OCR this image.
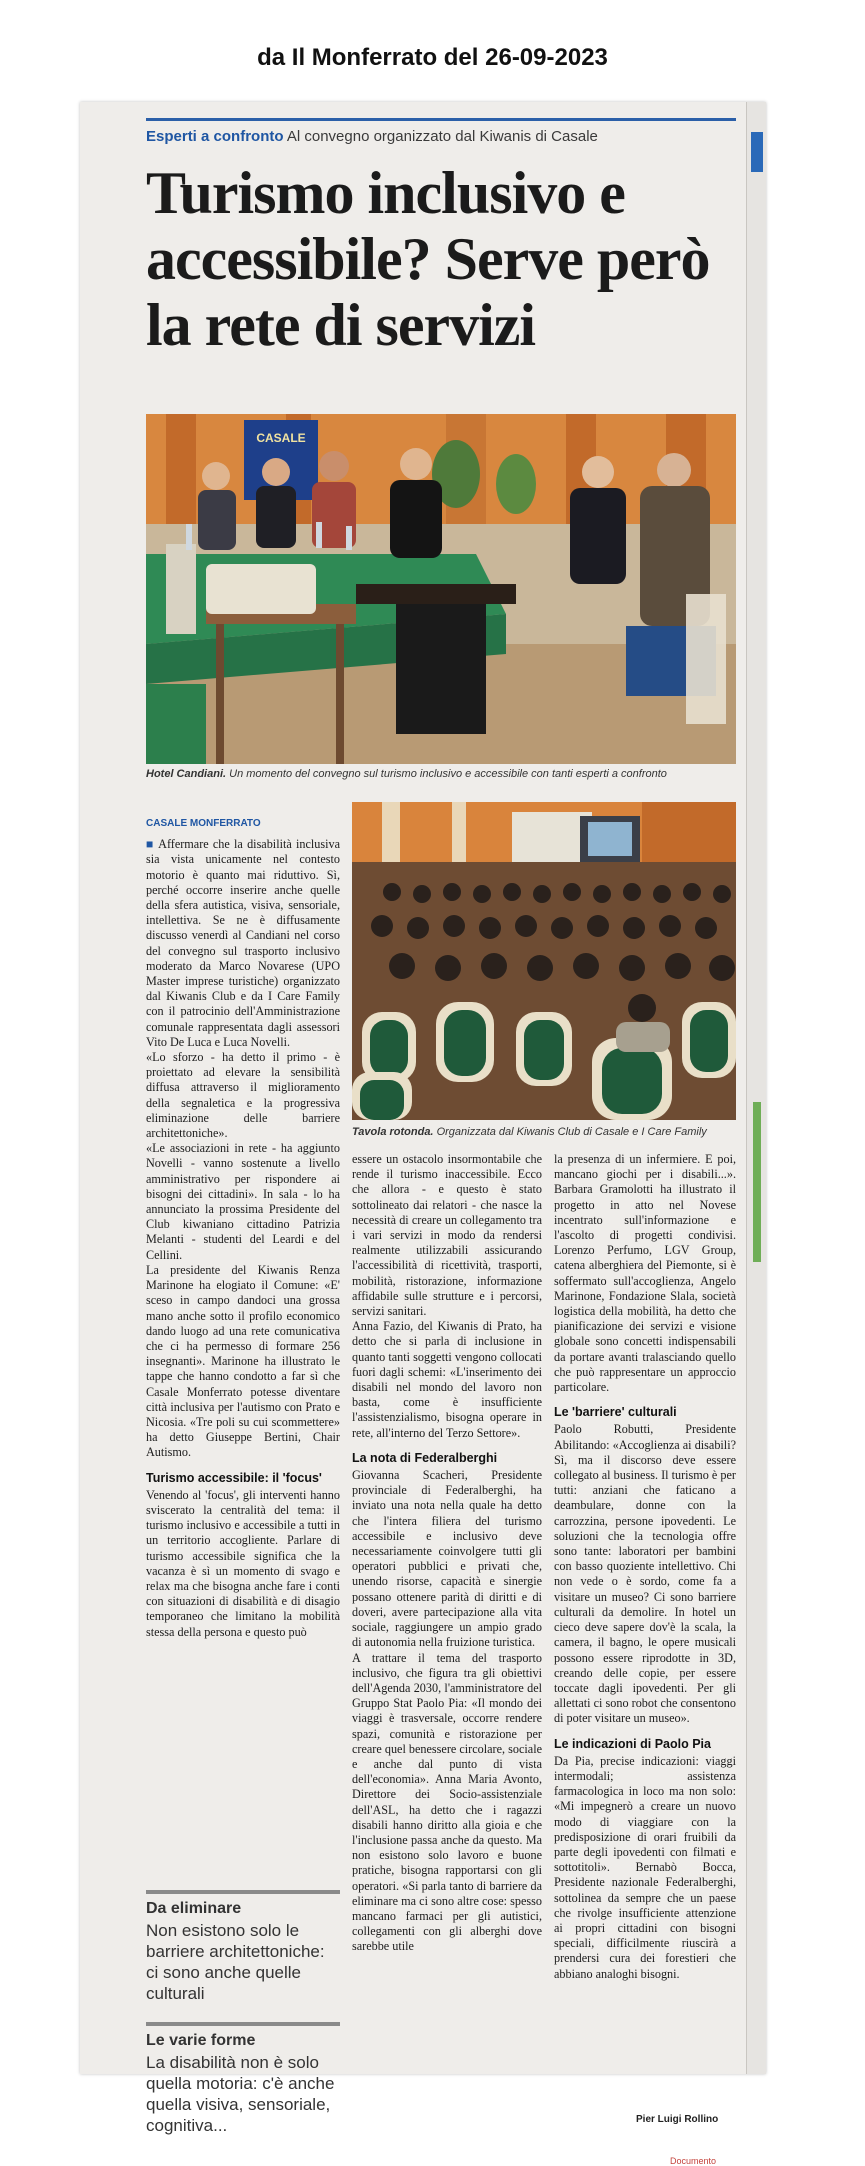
da Il Monferrato del 26-09-2023
Esperti a confronto Al convegno organizzato dal Kiwanis di Casale
Turismo inclusivo e accessibile? Serve però la rete di servizi
CASALE
Hotel Candiani. Un momento del convegno sul turismo inclusivo e accessibile con tanti esperti a confronto
Tavola rotonda. Organizzata dal Kiwanis Club di Casale e I Care Family
CASALE MONFERRATO

■ Affermare che la disabilità inclusiva sia vista unicamente nel contesto motorio è quanto mai riduttivo. Sì, perché occorre inserire anche quelle della sfera autistica, visiva, sensoriale, intellettiva. Se ne è diffusamente discusso venerdì al Candiani nel corso del convegno sul trasporto inclusivo moderato da Marco Novarese (UPO Master imprese turistiche) organizzato dal Kiwanis Club e da I Care Family con il patrocinio dell'Amministrazione comunale rappresentata dagli assessori Vito De Luca e Luca Novelli.

«Lo sforzo - ha detto il primo - è proiettato ad elevare la sensibilità diffusa attraverso il miglioramento della segnaletica e la progressiva eliminazione delle barriere architettoniche».

«Le associazioni in rete - ha aggiunto Novelli - vanno sostenute a livello amministrativo per rispondere ai bisogni dei cittadini». In sala - lo ha annunciato la prossima Presidente del Club kiwaniano cittadino Patrizia Melanti - studenti del Leardi e del Cellini.

La presidente del Kiwanis Renza Marinone ha elogiato il Comune: «E' sceso in campo dandoci una grossa mano anche sotto il profilo economico dando luogo ad una rete comunicativa che ci ha permesso di formare 256 insegnanti». Marinone ha illustrato le tappe che hanno condotto a far sì che Casale Monferrato potesse diventare città inclusiva per l'autismo con Prato e Nicosia. «Tre poli su cui scommettere» ha detto Giuseppe Bertini, Chair Autismo.

Turismo accessibile: il 'focus'

Venendo al 'focus', gli interventi hanno sviscerato la centralità del tema: il turismo inclusivo e accessibile a tutti in un territorio accogliente. Parlare di turismo accessibile significa che la vacanza è sì un momento di svago e relax ma che bisogna anche fare i conti con situazioni di disabilità e di disagio temporaneo che limitano la mobilità stessa della persona e questo può

essere un ostacolo insormontabile che rende il turismo inaccessibile. Ecco che allora - e questo è stato sottolineato dai relatori - che nasce la necessità di creare un collegamento tra i vari servizi in modo da rendersi realmente utilizzabili assicurando l'accessibilità di ricettività, trasporti, mobilità, ristorazione, informazione affidabile sulle strutture e i percorsi, servizi sanitari.

Anna Fazio, del Kiwanis di Prato, ha detto che si parla di inclusione in quanto tanti soggetti vengono collocati fuori dagli schemi: «L'inserimento dei disabili nel mondo del lavoro non basta, come è insufficiente l'assistenzialismo, bisogna operare in rete, all'interno del Terzo Settore».

La nota di Federalberghi

Giovanna Scacheri, Presidente provinciale di Federalberghi, ha inviato una nota nella quale ha detto che l'intera filiera del turismo accessibile e inclusivo deve necessariamente coinvolgere tutti gli operatori pubblici e privati che, unendo risorse, capacità e sinergie possano ottenere parità di diritti e di doveri, avere partecipazione alla vita sociale, raggiungere un ampio grado di autonomia nella fruizione turistica.

A trattare il tema del trasporto inclusivo, che figura tra gli obiettivi dell'Agenda 2030, l'amministratore del Gruppo Stat Paolo Pia: «Il mondo dei viaggi è trasversale, occorre rendere spazi, comunità e ristorazione per creare quel benessere circolare, sociale e anche dal punto di vista dell'economia». Anna Maria Avonto, Direttore dei Socio-assistenziale dell'ASL, ha detto che i ragazzi disabili hanno diritto alla gioia e che l'inclusione passa anche da questo. Ma non esistono solo lavoro e buone pratiche, bisogna rapportarsi con gli operatori. «Si parla tanto di barriere da eliminare ma ci sono altre cose: spesso mancano farmaci per gli autistici, collegamenti con gli alberghi dove sarebbe utile

la presenza di un infermiere. E poi, mancano giochi per i disabili...». Barbara Gramolotti ha illustrato il progetto in atto nel Novese incentrato sull'informazione e l'ascolto di progetti condivisi. Lorenzo Perfumo, LGV Group, catena alberghiera del Piemonte, si è soffermato sull'accoglienza, Angelo Marinone, Fondazione Slala, società logistica della mobilità, ha detto che pianificazione dei servizi e visione globale sono concetti indispensabili da portare avanti tralasciando quello che può rappresentare un approccio particolare.

Le 'barriere' culturali

Paolo Robutti, Presidente Abilitando: «Accoglienza ai disabili? Sì, ma il discorso deve essere collegato al business. Il turismo è per tutti: anziani che faticano a deambulare, donne con la carrozzina, persone ipovedenti. Le soluzioni che la tecnologia offre sono tante: laboratori per bambini con basso quoziente intellettivo. Chi non vede o è sordo, come fa a visitare un museo? Ci sono barriere culturali da demolire. In hotel un cieco deve sapere dov'è la scala, la camera, il bagno, le opere musicali possono essere riprodotte in 3D, creando delle copie, per essere toccate dagli ipovedenti. Per gli allettati ci sono robot che consentono di poter visitare un museo».

Le indicazioni di Paolo Pia

Da Pia, precise indicazioni: viaggi intermodali; assistenza farmacologica in loco ma non solo: «Mi impegnerò a creare un nuovo modo di viaggiare con la predisposizione di orari fruibili da parte degli ipovedenti con filmati e sottotitoli». Bernabò Bocca, Presidente nazionale Federalberghi, sottolinea da sempre che un paese che rivolge insufficiente attenzione ai propri cittadini con bisogni speciali, difficilmente riuscirà a prendersi cura dei forestieri che abbiano analoghi bisogni.

Da eliminare
Non esistono solo le barriere architettoniche: ci sono anche quelle culturali
Le varie forme
La disabilità non è solo quella motoria: c'è anche quella visiva, sensoriale, cognitiva...	Pier Luigi Rollino
Documento
